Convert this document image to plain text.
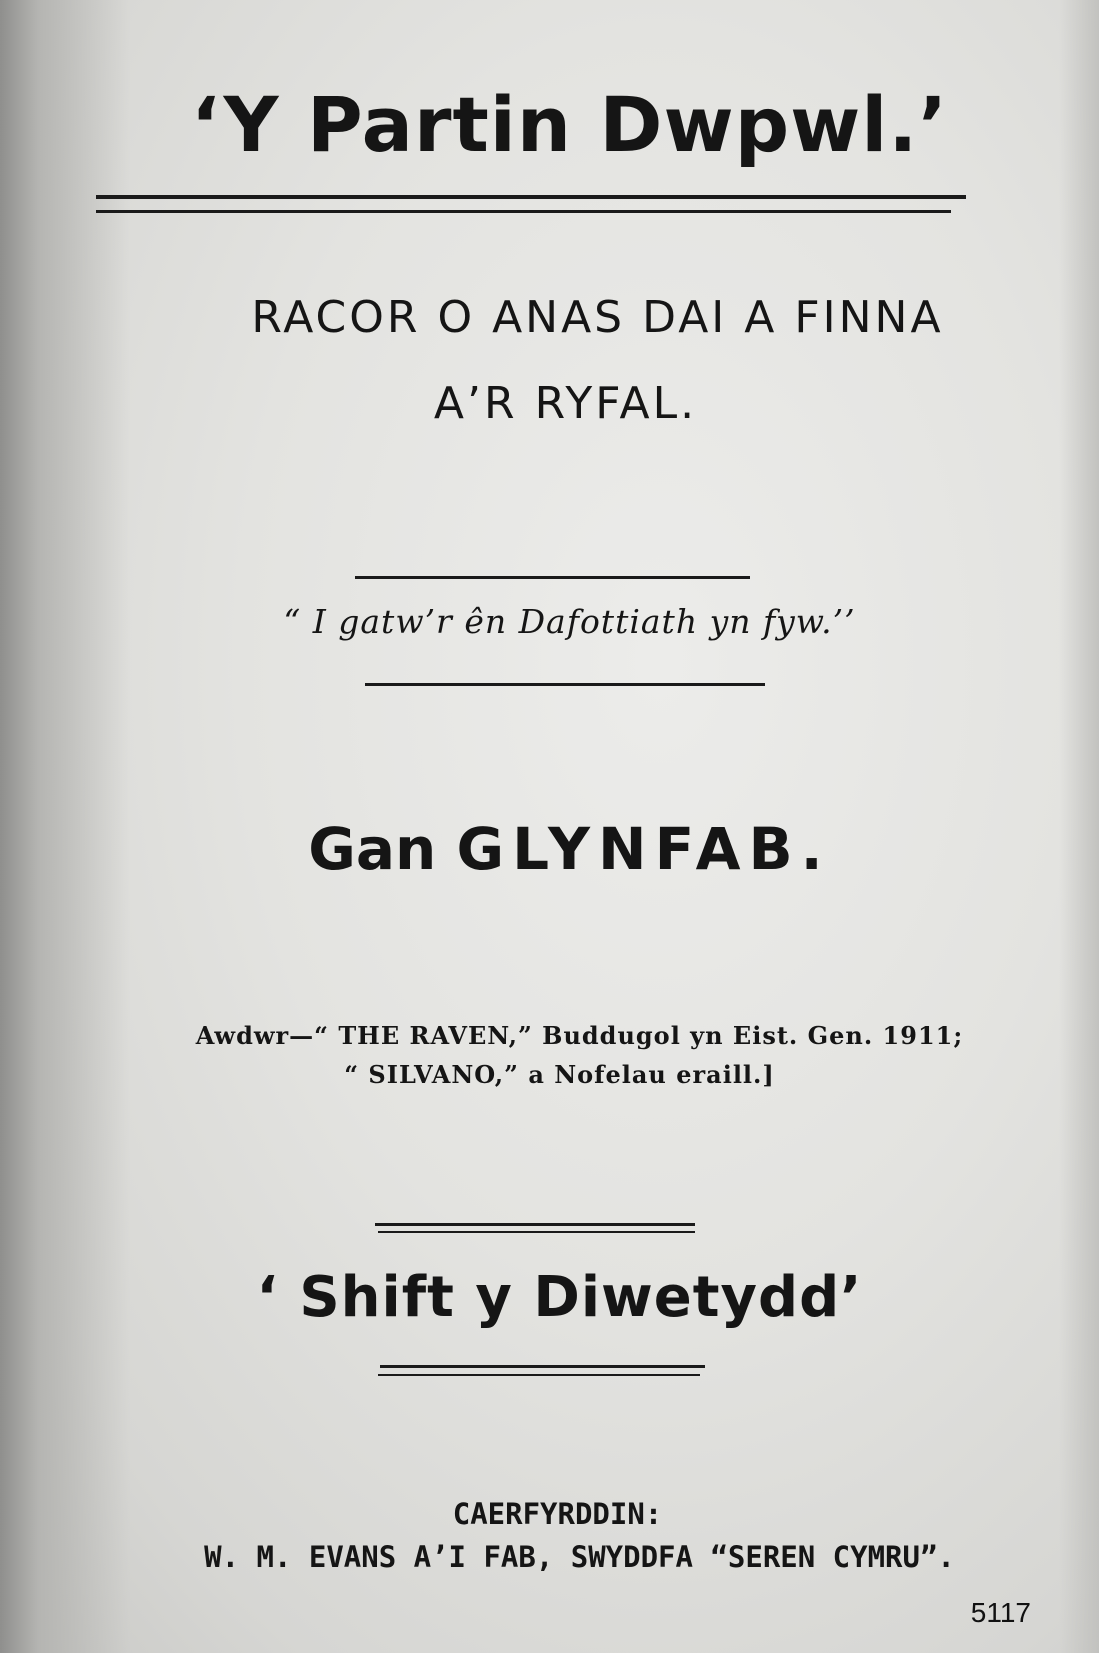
‘Y Partin Dwpwl.’
RACOR O ANAS DAI A FINNA
A’R RYFAL.
“ I gatw’r ên Dafottiath yn fyw.’’
Gan GLYNFAB.
Awdwr—“ THE RAVEN,” Buddugol yn Eist. Gen. 1911;
“ SILVANO,” a Nofelau eraill.]
‘ Shift y Diwetydd’
CAERFYRDDIN:
W. M. EVANS A’I FAB, SWYDDFA “SEREN CYMRU”.
5117
